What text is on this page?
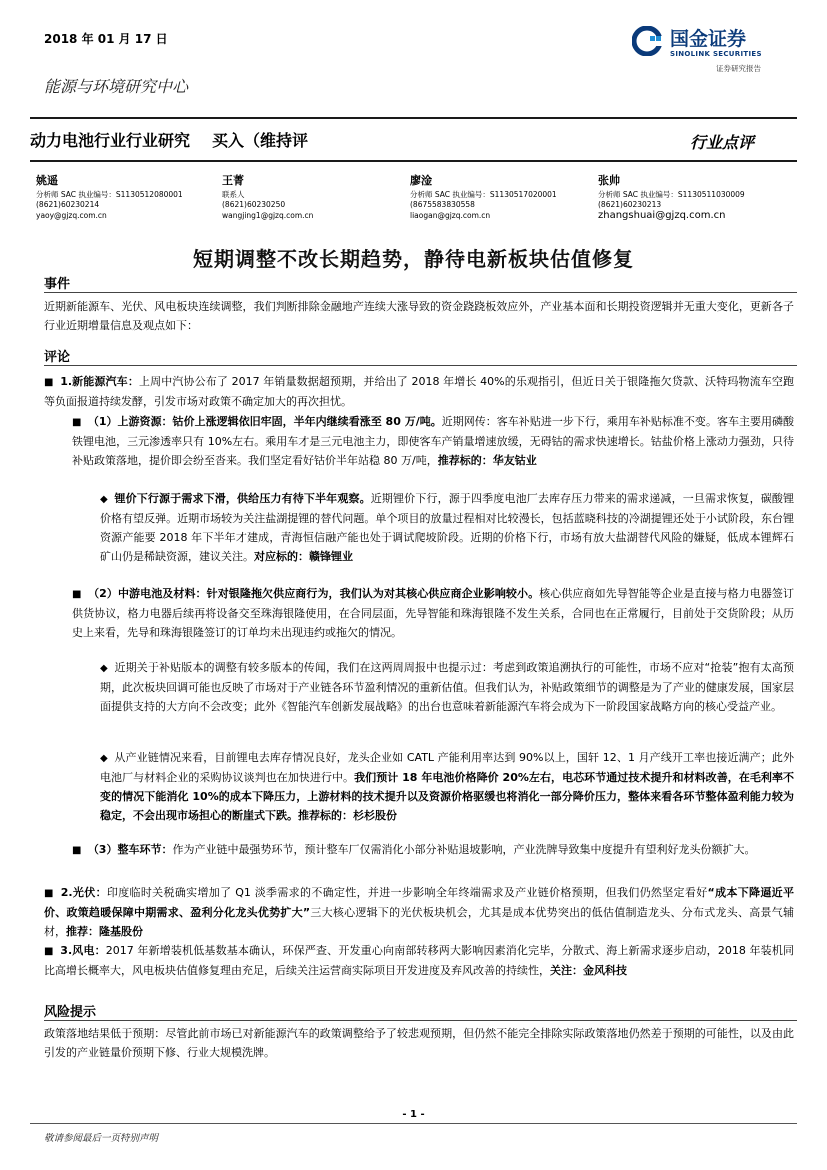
2018 年 01 月 17 日
能源与环境研究中心
国金证券
SINOLINK SECURITIES
证券研究报告
动力电池行业行业研究 买入（维持评	行业点评
姚遥
分析师 SAC 执业编号：S1130512080001
(8621)60230214
yaoy@gjzq.com.cn
王菁
联系人
(8621)60230250
wangjing1@gjzq.com.cn
廖淦
分析师 SAC 执业编号：S1130517020001
(8675583830558
liaogan@gjzq.com.cn
张帅
分析师 SAC 执业编号：S1130511030009
(8621)60230213
zhangshuai@gjzq.com.cn
短期调整不改长期趋势，静待电新板块估值修复
事件
近期新能源车、光伏、风电板块连续调整，我们判断排除金融地产连续大涨导致的资金跷跷板效应外，产业基本面和长期投资逻辑并无重大变化，更新各子行业近期增量信息及观点如下：
评论
■  1.新能源汽车：上周中汽协公布了 2017 年销量数据超预期，并给出了 2018 年增长 40%的乐观指引，但近日关于银隆拖欠贷款、沃特玛物流车空跑等负面报道持续发酵，引发市场对政策不确定加大的再次担忧。
■  （1）上游资源：钴价上涨逻辑依旧牢固，半年内继续看涨至 80 万/吨。近期网传：客车补贴进一步下行，乘用车补贴标准不变。客车主要用磷酸铁锂电池，三元渗透率只有 10%左右。乘用车才是三元电池主力，即使客车产销量增速放缓，无碍钴的需求快速增长。钴盐价格上涨动力强劲，只待补贴政策落地，提价即会纷至沓来。我们坚定看好钴价半年站稳 80 万/吨，推荐标的：华友钴业
◆  锂价下行源于需求下滑，供给压力有待下半年观察。近期锂价下行，源于四季度电池厂去库存压力带来的需求递减，一旦需求恢复，碳酸锂价格有望反弹。近期市场较为关注盐湖提锂的替代问题。单个项目的放量过程相对比较漫长，包括蓝晓科技的冷湖提锂还处于小试阶段，东台锂资源产能要 2018 年下半年才建成，青海恒信融产能也处于调试爬坡阶段。近期的价格下行，市场有放大盐湖替代风险的嫌疑，低成本锂辉石矿山仍是稀缺资源，建议关注。对应标的：赣锋锂业
■  （2）中游电池及材料：针对银隆拖欠供应商行为，我们认为对其核心供应商企业影响较小。核心供应商如先导智能等企业是直接与格力电器签订供货协议，格力电器后续再将设备交至珠海银隆使用，在合同层面，先导智能和珠海银隆不发生关系，合同也在正常履行，目前处于交货阶段；从历史上来看，先导和珠海银隆签订的订单均未出现违约或拖欠的情况。
◆  近期关于补贴版本的调整有较多版本的传闻，我们在这两周周报中也提示过：考虑到政策追溯执行的可能性，市场不应对“抢装”抱有太高预期，此次板块回调可能也反映了市场对于产业链各环节盈利情况的重新估值。但我们认为，补贴政策细节的调整是为了产业的健康发展，国家层面提供支持的大方向不会改变；此外《智能汽车创新发展战略》的出台也意味着新能源汽车将会成为下一阶段国家战略方向的核心受益产业。
◆  从产业链情况来看，目前锂电去库存情况良好，龙头企业如 CATL 产能利用率达到 90%以上，国轩 12、1 月产线开工率也接近满产；此外电池厂与材料企业的采购协议谈判也在加快进行中。我们预计 18 年电池价格降价 20%左右，电芯环节通过技术提升和材料改善，在毛利率不变的情况下能消化 10%的成本下降压力，上游材料的技术提升以及资源价格驱缓也将消化一部分降价压力，整体来看各环节整体盈利能力较为稳定，不会出现市场担心的断崖式下跌。推荐标的：杉杉股份
■  （3）整车环节：作为产业链中最强势环节，预计整车厂仅需消化小部分补贴退坡影响，产业洗牌导致集中度提升有望利好龙头份额扩大。
■  2.光伏：印度临时关税确实增加了 Q1 淡季需求的不确定性，并进一步影响全年终端需求及产业链价格预期，但我们仍然坚定看好“成本下降逼近平价、政策趋暖保障中期需求、盈利分化龙头优势扩大”三大核心逻辑下的光伏板块机会，尤其是成本优势突出的低估值制造龙头、分布式龙头、高景气辅材，推荐：隆基股份
■  3.风电：2017 年新增装机低基数基本确认，环保严查、开发重心向南部转移两大影响因素消化完毕，分散式、海上新需求逐步启动，2018 年装机同比高增长概率大，风电板块估值修复理由充足，后续关注运营商实际项目开发进度及弃风改善的持续性，关注：金风科技
风险提示
政策落地结果低于预期：尽管此前市场已对新能源汽车的政策调整给予了较悲观预期，但仍然不能完全排除实际政策落地仍然差于预期的可能性，以及由此引发的产业链量价预期下修、行业大规模洗牌。
- 1 -
敬请参阅最后一页特别声明
